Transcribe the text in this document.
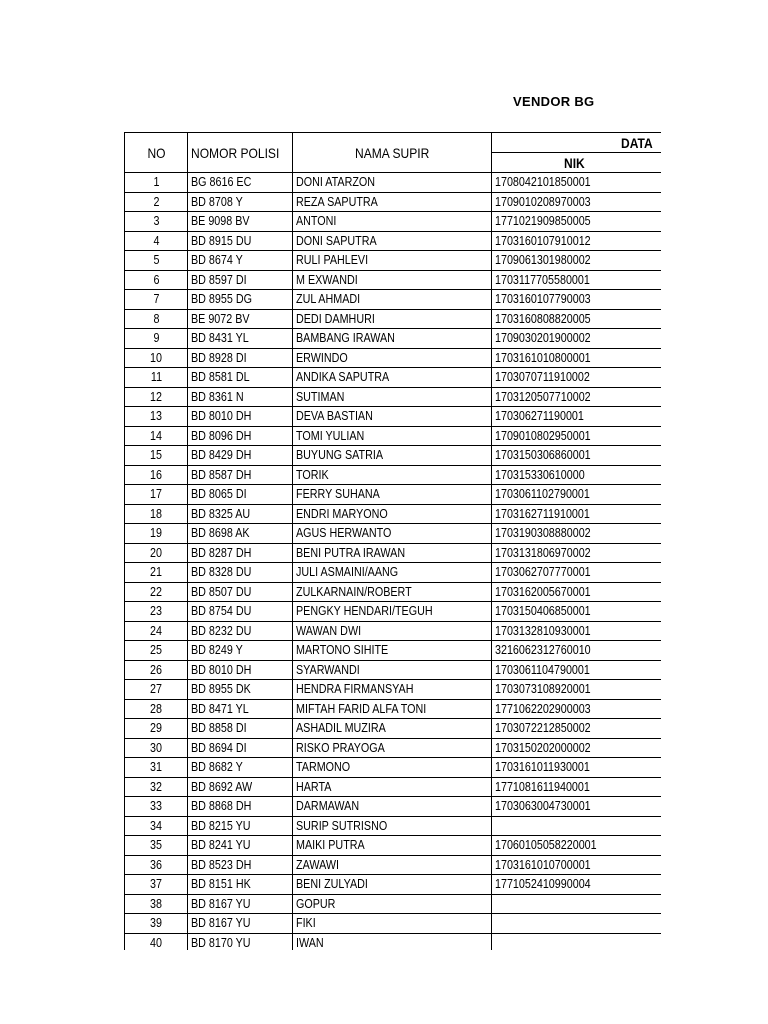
VENDOR BG
NO	NOMOR POLISI	NAMA SUPIR	DATA
			NIK
1	BG 8616 EC	DONI ATARZON	1708042101850001
2	BD 8708 Y	REZA SAPUTRA	1709010208970003
3	BE 9098 BV	ANTONI	1771021909850005
4	BD 8915 DU	DONI SAPUTRA	1703160107910012
5	BD 8674 Y	RULI PAHLEVI	1709061301980002
6	BD 8597 DI	M EXWANDI	1703117705580001
7	BD 8955 DG	ZUL AHMADI	1703160107790003
8	BE 9072 BV	DEDI DAMHURI	1703160808820005
9	BD 8431 YL	BAMBANG IRAWAN	1709030201900002
10	BD 8928 DI	ERWINDO	1703161010800001
11	BD 8581 DL	ANDIKA SAPUTRA	1703070711910002
12	BD 8361 N	SUTIMAN	1703120507710002
13	BD 8010 DH	DEVA BASTIAN	170306271190001
14	BD 8096 DH	TOMI YULIAN	1709010802950001
15	BD 8429 DH	BUYUNG SATRIA	1703150306860001
16	BD 8587 DH	TORIK	170315330610000
17	BD 8065 DI	FERRY SUHANA	1703061102790001
18	BD 8325 AU	ENDRI MARYONO	1703162711910001
19	BD 8698 AK	AGUS HERWANTO	1703190308880002
20	BD 8287 DH	BENI PUTRA IRAWAN	1703131806970002
21	BD 8328 DU	JULI ASMAINI/AANG	1703062707770001
22	BD 8507 DU	ZULKARNAIN/ROBERT	1703162005670001
23	BD 8754 DU	PENGKY HENDARI/TEGUH	1703150406850001
24	BD 8232 DU	WAWAN DWI	1703132810930001
25	BD 8249 Y	MARTONO SIHITE	3216062312760010
26	BD 8010 DH	SYARWANDI	1703061104790001
27	BD 8955 DK	HENDRA FIRMANSYAH	1703073108920001
28	BD 8471 YL	MIFTAH FARID ALFA TONI	1771062202900003
29	BD 8858 DI	ASHADIL MUZIRA	1703072212850002
30	BD 8694 DI	RISKO PRAYOGA	1703150202000002
31	BD 8682 Y	TARMONO	1703161011930001
32	BD 8692 AW	HARTA	1771081611940001
33	BD 8868 DH	DARMAWAN	1703063004730001
34	BD 8215 YU	SURIP SUTRISNO	
35	BD 8241 YU	MAIKI PUTRA	17060105058220001
36	BD 8523 DH	ZAWAWI	1703161010700001
37	BD 8151 HK	BENI ZULYADI	1771052410990004
38	BD 8167 YU	GOPUR	
39	BD 8167 YU	FIKI	
40	BD 8170 YU	IWAN	
